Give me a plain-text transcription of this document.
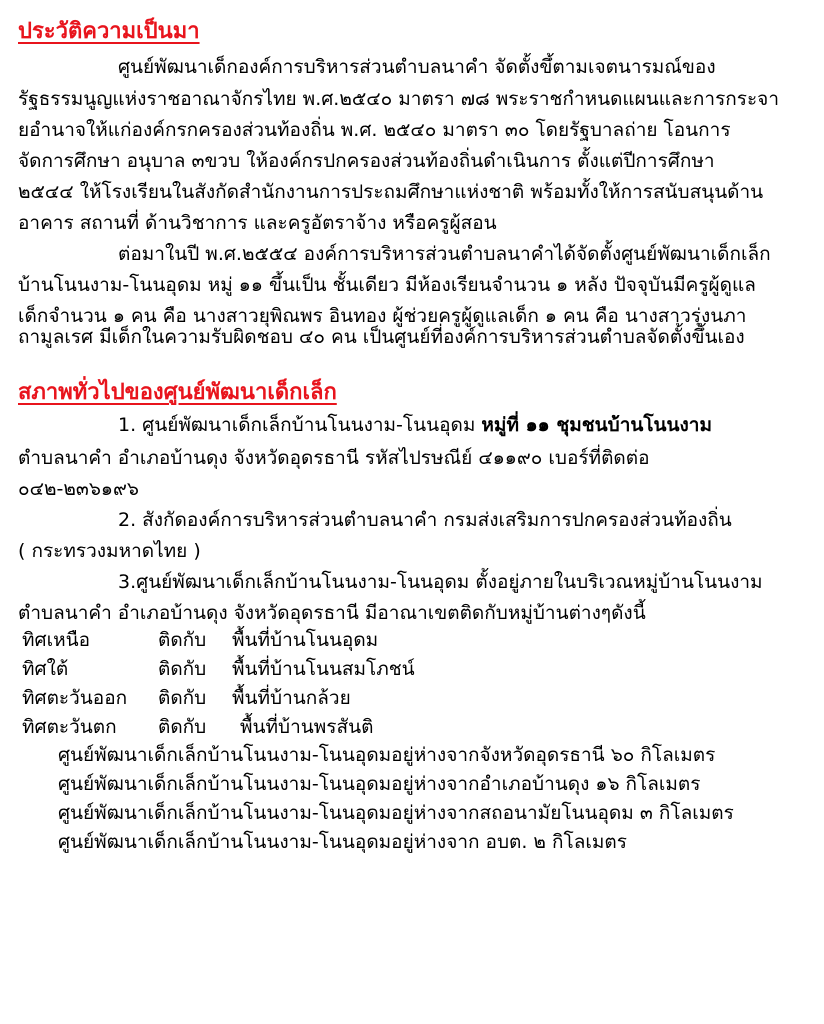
ประวัติความเป็นมา
ศูนย์พัฒนาเด็กองค์การบริหารส่วนตำบลนาคำ จัดตั้งขึ้ตามเจตนารมณ์ของ
รัฐธรรมนูญแห่งราชอาณาจักรไทย พ.ศ.๒๕๔๐ มาตรา ๗๘ พระราชกำหนดแผนและการกระจา
ยอำนาจให้แก่องค์กรกครองส่วนท้องถิ่น พ.ศ. ๒๕๔๐ มาตรา ๓๐ โดยรัฐบาลถ่าย โอนการ
จัดการศึกษา อนุบาล ๓ขวบ ให้องค์กรปกครองส่วนท้องถิ่นดำเนินการ ตั้งแต่ปีการศึกษา
๒๕๔๔ ให้โรงเรียนในสังกัดสำนักงานการประถมศึกษาแห่งชาติ พร้อมทั้งให้การสนับสนุนด้าน
อาคาร สถานที่ ด้านวิชาการ และครูอัตราจ้าง หรือครูผู้สอน
ต่อมาในปี พ.ศ.๒๕๕๔ องค์การบริหารส่วนตำบลนาคำได้จัดตั้งศูนย์พัฒนาเด็กเล็ก
บ้านโนนงาม-โนนอุดม หมู่ ๑๑ ขึ้นเป็น ชั้นเดียว มีห้องเรียนจำนวน ๑ หลัง ปัจจุบันมีครูผู้ดูแล
เด็กจำนวน ๑ คน คือ นางสาวยุพิณพร อินทอง ผู้ช่วยครูผู้ดูแลเด็ก ๑ คน คือ นางสาวรุ่งนภา
ถามูลเรศ มีเด็กในความรับผิดชอบ ๔๐ คน เป็นศูนย์ที่องค์การบริหารส่วนตำบลจัดตั้งขึ้นเอง
สภาพทั่วไปของศูนย์พัฒนาเด็กเล็ก
1. ศูนย์พัฒนาเด็กเล็กบ้านโนนงาม-โนนอุดม หมู่ที่ ๑๑ ชุมชนบ้านโนนงาม
ตำบลนาคำ อำเภอบ้านดุง จังหวัดอุดรธานี รหัสไปรษณีย์ ๔๑๑๙๐ เบอร์ที่ติดต่อ
๐๔๒-๒๓๖๑๙๖
2. สังกัดองค์การบริหารส่วนตำบลนาคำ กรมส่งเสริมการปกครองส่วนท้องถิ่น
( กระทรวงมหาดไทย )
3.ศูนย์พัฒนาเด็กเล็กบ้านโนนงาม-โนนอุดม ตั้งอยู่ภายในบริเวณหมู่บ้านโนนงาม
ตำบลนาคำ อำเภอบ้านดุง จังหวัดอุดรธานี มีอาณาเขตติดกับหมู่บ้านต่างๆดังนี้
ทิศเหนือ	ติดกับ พื้นที่บ้านโนนอุดม
ทิศใต้	ติดกับ พื้นที่บ้านโนนสมโภชน์
ทิศตะวันออก ติดกับ พื้นที่บ้านกล้วย
ทิศตะวันตก ติดกับ พื้นที่บ้านพรสันติ
ศูนย์พัฒนาเด็กเล็กบ้านโนนงาม-โนนอุดมอยู่ห่างจากจังหวัดอุดรธานี ๖๐ กิโลเมตร
ศูนย์พัฒนาเด็กเล็กบ้านโนนงาม-โนนอุดมอยู่ห่างจากอำเภอบ้านดุง ๑๖ กิโลเมตร
ศูนย์พัฒนาเด็กเล็กบ้านโนนงาม-โนนอุดมอยู่ห่างจากสถอนามัยโนนอุดม ๓ กิโลเมตร
ศูนย์พัฒนาเด็กเล็กบ้านโนนงาม-โนนอุดมอยู่ห่างจาก อบต. ๒ กิโลเมตร
